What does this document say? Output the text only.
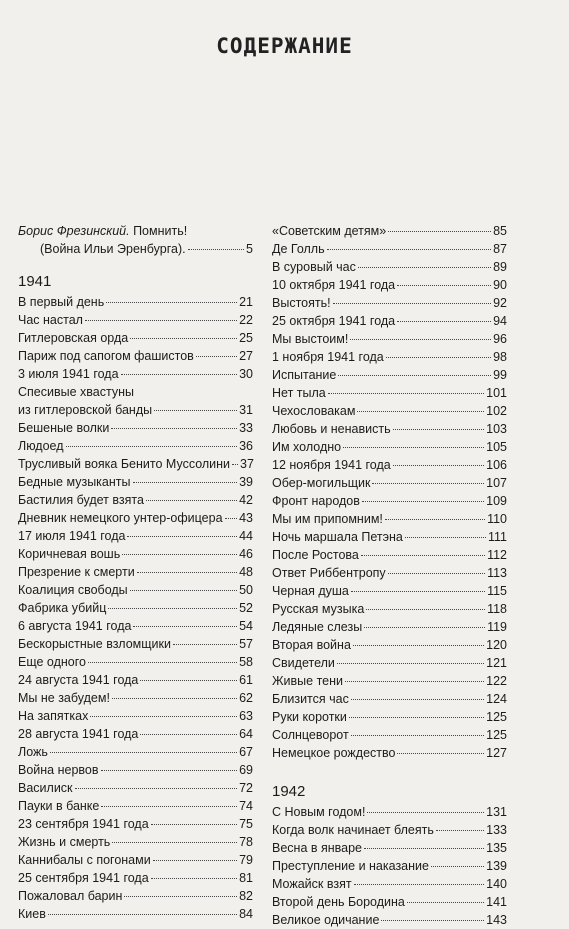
СОДЕРЖАНИЕ
Борис Фрезинский. Помнить!
(Война Ильи Эренбурга).	5
1941
В первый день	21
Час настал	22
Гитлеровская орда	25
Париж под сапогом фашистов	27
3 июля 1941 года	30
Спесивые хвастуны
из гитлеровской банды	31
Бешеные волки	33
Людоед	36
Трусливый вояка Бенито Муссолини 37
Бедные музыканты	39
Бастилия будет взята	42
Дневник немецкого унтер-офицера 43
17 июля 1941 года	44
Коричневая вошь	46
Презрение к смерти	48
Коалиция свободы	50
Фабрика убийц	52
6 августа 1941 года	54
Бескорыстные взломщики	57
Еще одного	58
24 августа 1941 года	61
Мы не забудем!	62
На запятках	63
28 августа 1941 года	64
Ложь	67
Война нервов	69
Василиск	72
Пауки в банке	74
23 сентября 1941 года	75
Жизнь и смерть	78
Каннибалы с погонами	79
25 сентября 1941 года	81
Пожаловал барин	82
Киев	84
«Советским детям»	85
Де Голль	87
В суровый час	89
10 октября 1941 года	90
Выстоять!	92
25 октября 1941 года	94
Мы выстоим!	96
1 ноября 1941 года	98
Испытание	99
Нет тыла	101
Чехословакам	102
Любовь и ненависть	103
Им холодно	105
12 ноября 1941 года	106
Обер-могильщик	107
Фронт народов	109
Мы им припомним!	110
Ночь маршала Петэна	111
После Ростова	112
Ответ Риббентропу	113
Черная душа	115
Русская музыка	118
Ледяные слезы	119
Вторая война	120
Свидетели	121
Живые тени	122
Близится час	124
Руки коротки	125
Солнцеворот	125
Немецкое рождество	127
1942
С Новым годом!	131
Когда волк начинает блеять	133
Весна в январе	135
Преступление и наказание	139
Можайск взят	140
Второй день Бородина	141
Великое одичание	143
